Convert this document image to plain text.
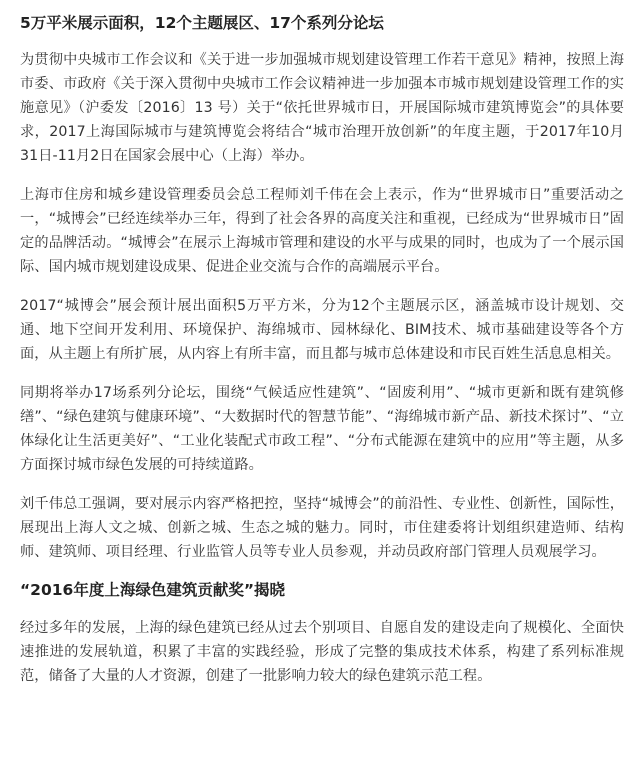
5万平米展示面积，12个主题展区、17个系列分论坛

为贯彻中央城市工作会议和《关于进一步加强城市规划建设管理工作若干意见》精神，按照上海市委、市政府《关于深入贯彻中央城市工作会议精神进一步加强本市城市规划建设管理工作的实施意见》（沪委发〔2016〕13 号）关于“依托世界城市日，开展国际城市建筑博览会”的具体要求，2017上海国际城市与建筑博览会将结合“城市治理开放创新”的年度主题，于2017年10月31日-11月2日在国家会展中心（上海）举办。

上海市住房和城乡建设管理委员会总工程师刘千伟在会上表示，作为“世界城市日”重要活动之一，“城博会”已经连续举办三年，得到了社会各界的高度关注和重视，已经成为“世界城市日”固定的品牌活动。“城博会”在展示上海城市管理和建设的水平与成果的同时，也成为了一个展示国际、国内城市规划建设成果、促进企业交流与合作的高端展示平台。

2017“城博会”展会预计展出面积5万平方米，分为12个主题展示区，涵盖城市设计规划、交通、地下空间开发利用、环境保护、海绵城市、园林绿化、BIM技术、城市基础建设等各个方面，从主题上有所扩展，从内容上有所丰富，而且都与城市总体建设和市民百姓生活息息相关。

同期将举办17场系列分论坛，围绕“气候适应性建筑”、“固废利用”、“城市更新和既有建筑修缮”、“绿色建筑与健康环境”、“大数据时代的智慧节能”、“海绵城市新产品、新技术探讨”、“立体绿化让生活更美好”、“工业化装配式市政工程”、“分布式能源在建筑中的应用”等主题，从多方面探讨城市绿色发展的可持续道路。

刘千伟总工强调，要对展示内容严格把控，坚持“城博会”的前沿性、专业性、创新性，国际性，展现出上海人文之城、创新之城、生态之城的魅力。同时，市住建委将计划组织建造师、结构师、建筑师、项目经理、行业监管人员等专业人员参观，并动员政府部门管理人员观展学习。

“2016年度上海绿色建筑贡献奖”揭晓

经过多年的发展，上海的绿色建筑已经从过去个别项目、自愿自发的建设走向了规模化、全面快速推进的发展轨道，积累了丰富的实践经验，形成了完整的集成技术体系，构建了系列标准规范，储备了大量的人才资源，创建了一批影响力较大的绿色建筑示范工程。
